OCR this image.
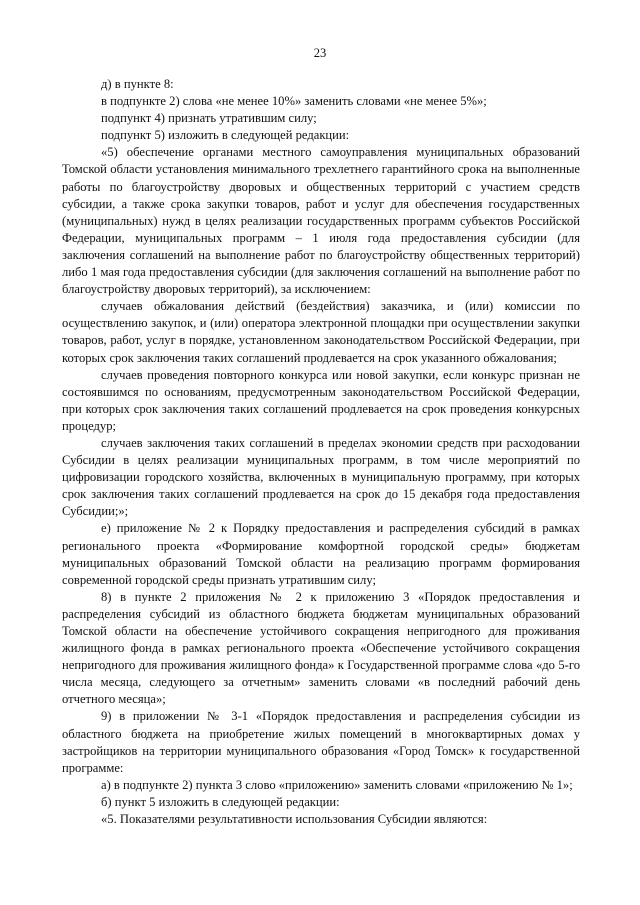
23

д) в пункте 8:

в подпункте 2) слова «не менее 10%» заменить словами «не менее 5%»;

подпункт 4) признать утратившим силу;

подпункт 5) изложить в следующей редакции:

«5) обеспечение органами местного самоуправления муниципальных образований Томской области установления минимального трехлетнего гарантийного срока на выполненные работы по благоустройству дворовых и общественных территорий с участием средств субсидии, а также срока закупки товаров, работ и услуг для обеспечения государственных (муниципальных) нужд в целях реализации государственных программ субъектов Российской Федерации, муниципальных программ – 1 июля года предоставления субсидии (для заключения соглашений на выполнение работ по благоустройству общественных территорий) либо 1 мая года предоставления субсидии (для заключения соглашений на выполнение работ по благоустройству дворовых территорий), за исключением:

случаев обжалования действий (бездействия) заказчика, и (или) комиссии по осуществлению закупок, и (или) оператора электронной площадки при осуществлении закупки товаров, работ, услуг в порядке, установленном законодательством Российской Федерации, при которых срок заключения таких соглашений продлевается на срок указанного обжалования;

случаев проведения повторного конкурса или новой закупки, если конкурс признан не состоявшимся по основаниям, предусмотренным законодательством Российской Федерации, при которых срок заключения таких соглашений продлевается на срок проведения конкурсных процедур;

случаев заключения таких соглашений в пределах экономии средств при расходовании Субсидии в целях реализации муниципальных программ, в том числе мероприятий по цифровизации городского хозяйства, включенных в муниципальную программу, при которых срок заключения таких соглашений продлевается на срок до 15 декабря года предоставления Субсидии;»;

е) приложение № 2 к Порядку предоставления и распределения субсидий в рамках регионального проекта «Формирование комфортной городской среды» бюджетам муниципальных образований Томской области на реализацию программ формирования современной городской среды признать утратившим силу;

8) в пункте 2 приложения № 2 к приложению 3 «Порядок предоставления и распределения субсидий из областного бюджета бюджетам муниципальных образований Томской области на обеспечение устойчивого сокращения непригодного для проживания жилищного фонда в рамках регионального проекта «Обеспечение устойчивого сокращения непригодного для проживания жилищного фонда» к Государственной программе слова «до 5-го числа месяца, следующего за отчетным» заменить словами «в последний рабочий день отчетного месяца»;

9) в приложении № 3-1 «Порядок предоставления и распределения субсидии из областного бюджета на приобретение жилых помещений в многоквартирных домах у застройщиков на территории муниципального образования «Город Томск» к государственной программе:

а) в подпункте 2) пункта 3 слово «приложению» заменить словами «приложению № 1»;

б) пункт 5 изложить в следующей редакции:

«5. Показателями результативности использования Субсидии являются:
